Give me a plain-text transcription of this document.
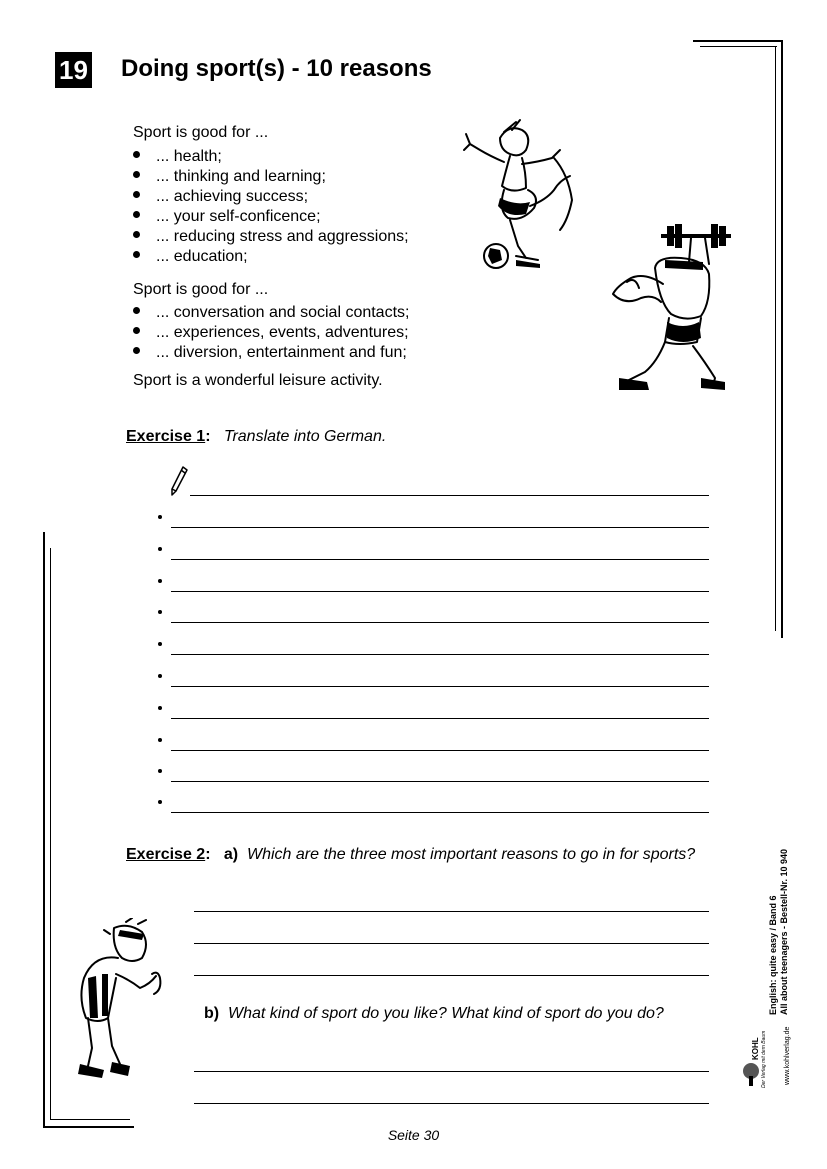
19 Doing sport(s) - 10 reasons
Sport is good for ...
... health;
... thinking and learning;
... achieving success;
... your self-conficence;
... reducing stress and aggressions;
... education;
Sport is good for ...
... conversation and social contacts;
... experiences, events, adventures;
... diversion, entertainment and fun;
Sport is a wonderful leisure activity.
Exercise 1: Translate into German.
Exercise 2: a) Which are the three most important reasons to go in for sports?
b) What kind of sport do you like? What kind of sport do you do?	English: quite easy / Band 6 All about teenagers - Bestell-Nr. 10 940
www.kohlverlag.de
KOHL Der Verlag mit dem Baum
Seite 30
